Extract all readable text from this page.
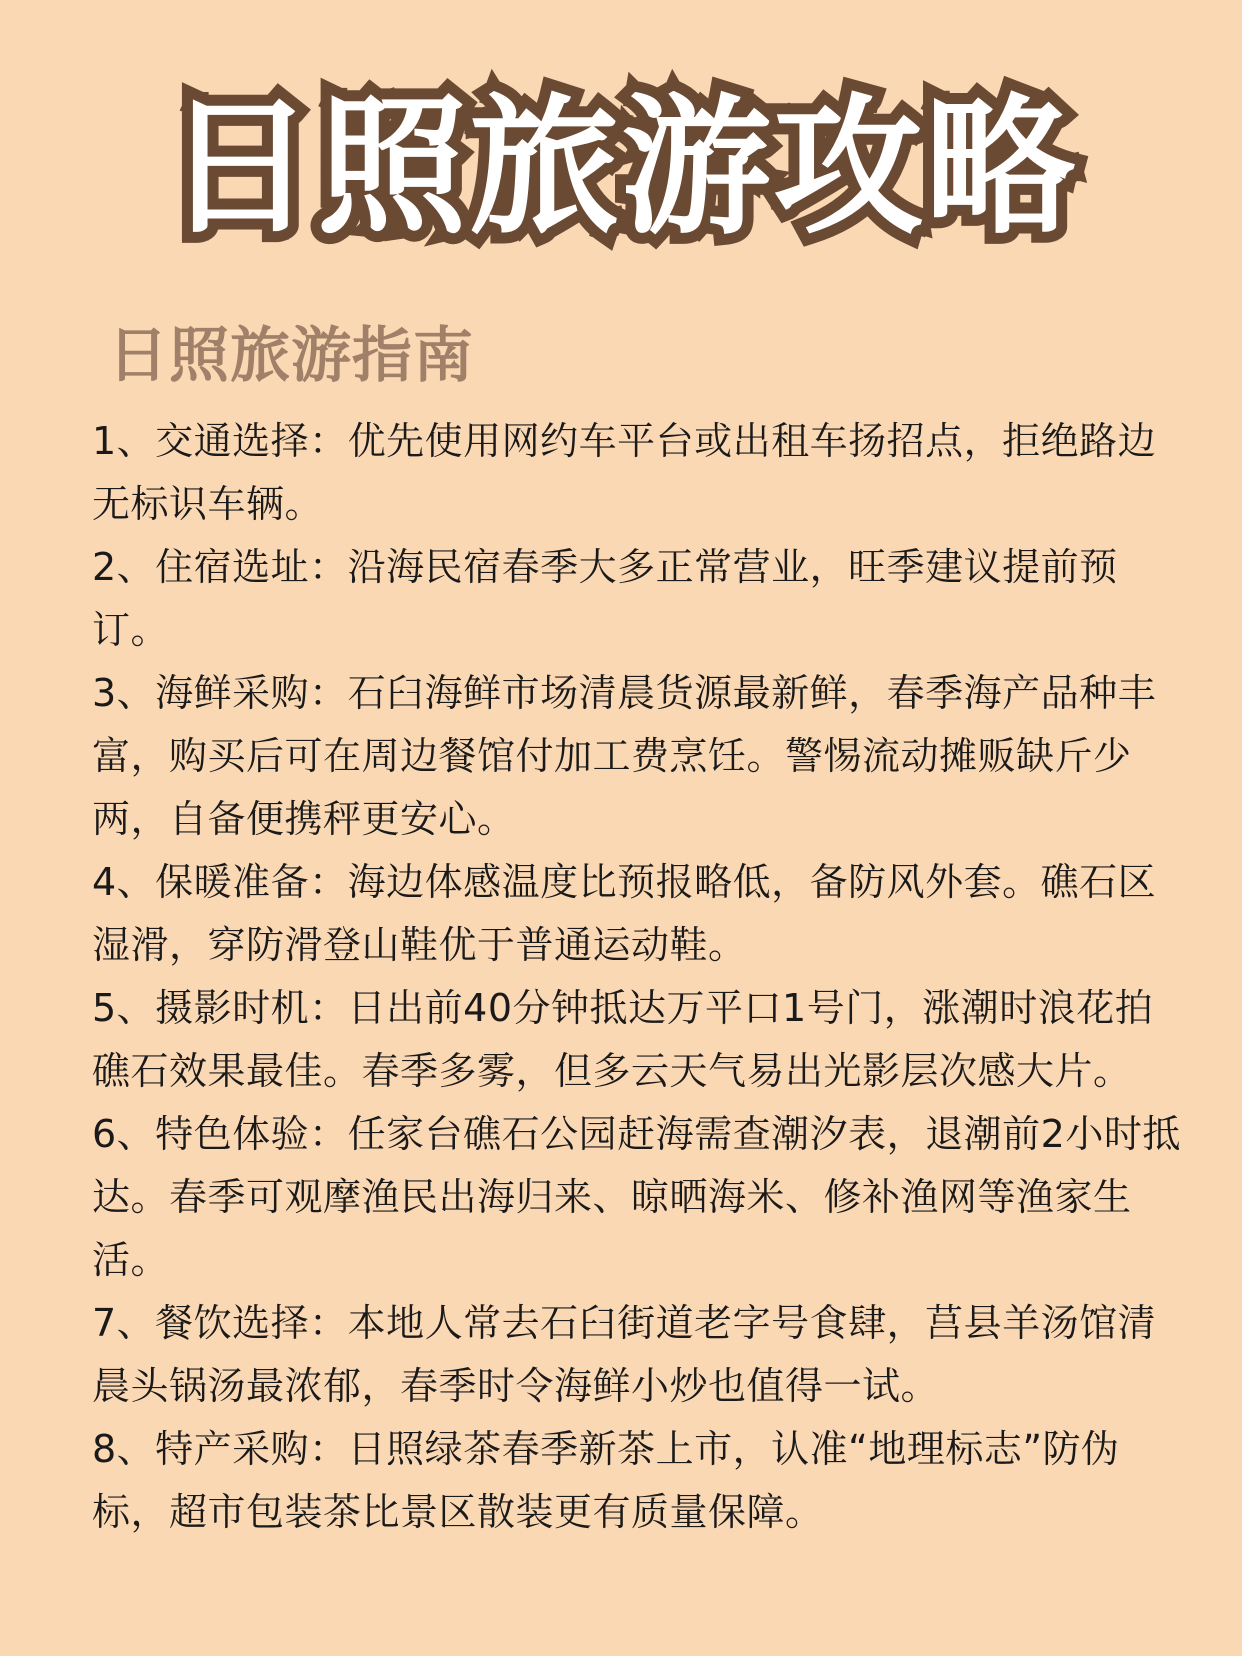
日照旅游攻略
日照旅游指南
1、交通选择：优先使用网约车平台或出租车扬招点，拒绝路边无标识车辆。
2、住宿选址：沿海民宿春季大多正常营业，旺季建议提前预订。
3、海鲜采购：石臼海鲜市场清晨货源最新鲜，春季海产品种丰富，购买后可在周边餐馆付加工费烹饪。警惕流动摊贩缺斤少两，自备便携秤更安心。
4、保暖准备：海边体感温度比预报略低，备防风外套。礁石区湿滑，穿防滑登山鞋优于普通运动鞋。
5、摄影时机：日出前40分钟抵达万平口1号门，涨潮时浪花拍礁石效果最佳。春季多雾，但多云天气易出光影层次感大片。
6、特色体验：任家台礁石公园赶海需查潮汐表，退潮前2小时抵达。春季可观摩渔民出海归来、晾晒海米、修补渔网等渔家生活。
7、餐饮选择：本地人常去石臼街道老字号食肆，莒县羊汤馆清晨头锅汤最浓郁，春季时令海鲜小炒也值得一试。
8、特产采购：日照绿茶春季新茶上市，认准“地理标志”防伪标，超市包装茶比景区散装更有质量保障。
